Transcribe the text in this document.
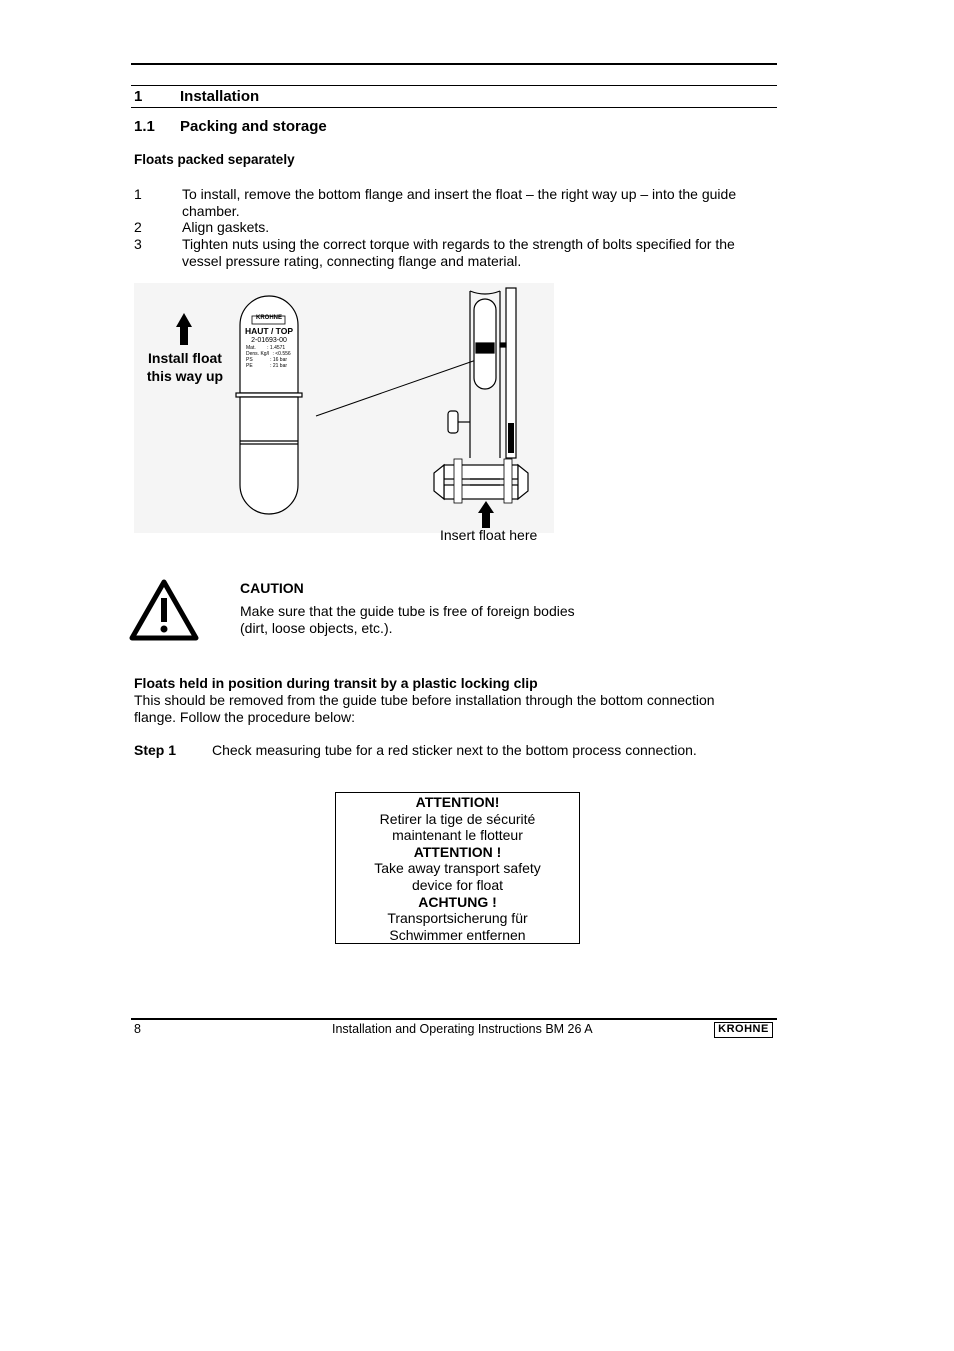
1	Installation
1.1 Packing and storage
Floats packed separately
1	To install, remove the bottom flange and insert the float – the right way up – into the guide chamber.
2	Align gaskets.
3	Tighten nuts using the correct torque with regards to the strength of bolts specified for the vessel pressure rating, connecting flange and material.
KROHNE
HAUT / TOP
2-01693-00
Mat. : 1.4571
Dens. Kg/l : <0.556
PS	: 16 bar
PE	: 21 bar
Install float
this way up
Insert float here
CAUTION
Make sure that the guide tube is free of foreign bodies
(dirt, loose objects, etc.).
Floats held in position during transit by a plastic locking clip
This should be removed from the guide tube before installation through the bottom connection flange. Follow the procedure below:
Step 1	Check measuring tube for a red sticker next to the bottom process connection.
ATTENTION!
Retirer la tige de sécurité
maintenant le flotteur
ATTENTION !
Take away transport safety
device for float
ACHTUNG !
Transportsicherung für
Schwimmer entfernen
8	Installation and Operating Instructions BM 26 A	KROHNE
